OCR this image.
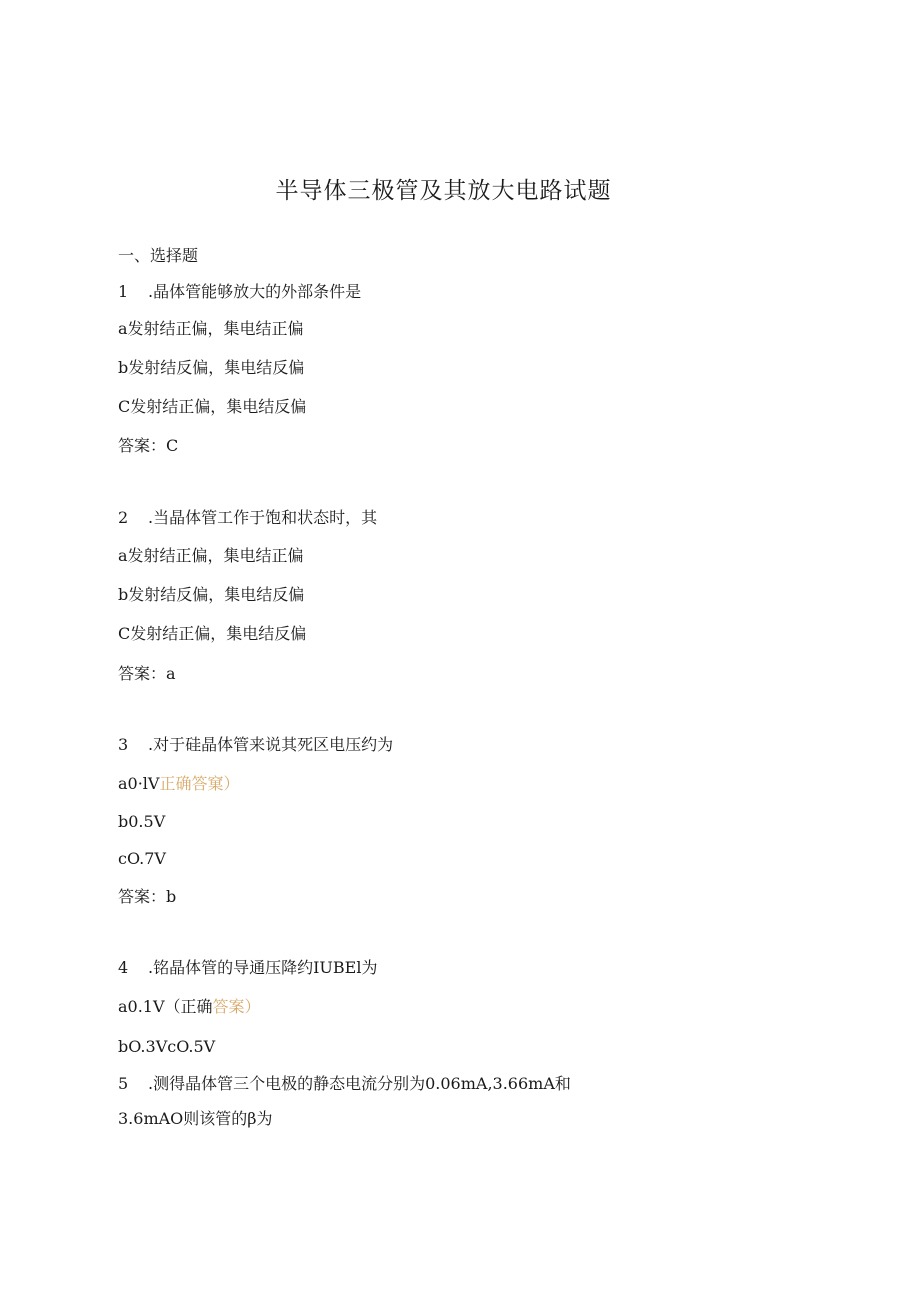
半导体三极管及其放大电路试题
一、选择题
1 .晶体管能够放大的外部条件是
a发射结正偏，集电结正偏
b发射结反偏，集电结反偏
C发射结正偏，集电结反偏
答案：C
2 .当晶体管工作于饱和状态时，其
a发射结正偏，集电结正偏
b发射结反偏，集电结反偏
C发射结正偏，集电结反偏
答案：a
3 .对于硅晶体管来说其死区电压约为
a0·lV正确答窠）
b0.5V
cO.7V
答案：b
4 .铭晶体管的导通压降约IUBEl为
a0.1V（正确答案）
bO.3VcO.5V
5 .测得晶体管三个电极的静态电流分别为0.06mA,3.66mA和
3.6mAO则该管的β为
